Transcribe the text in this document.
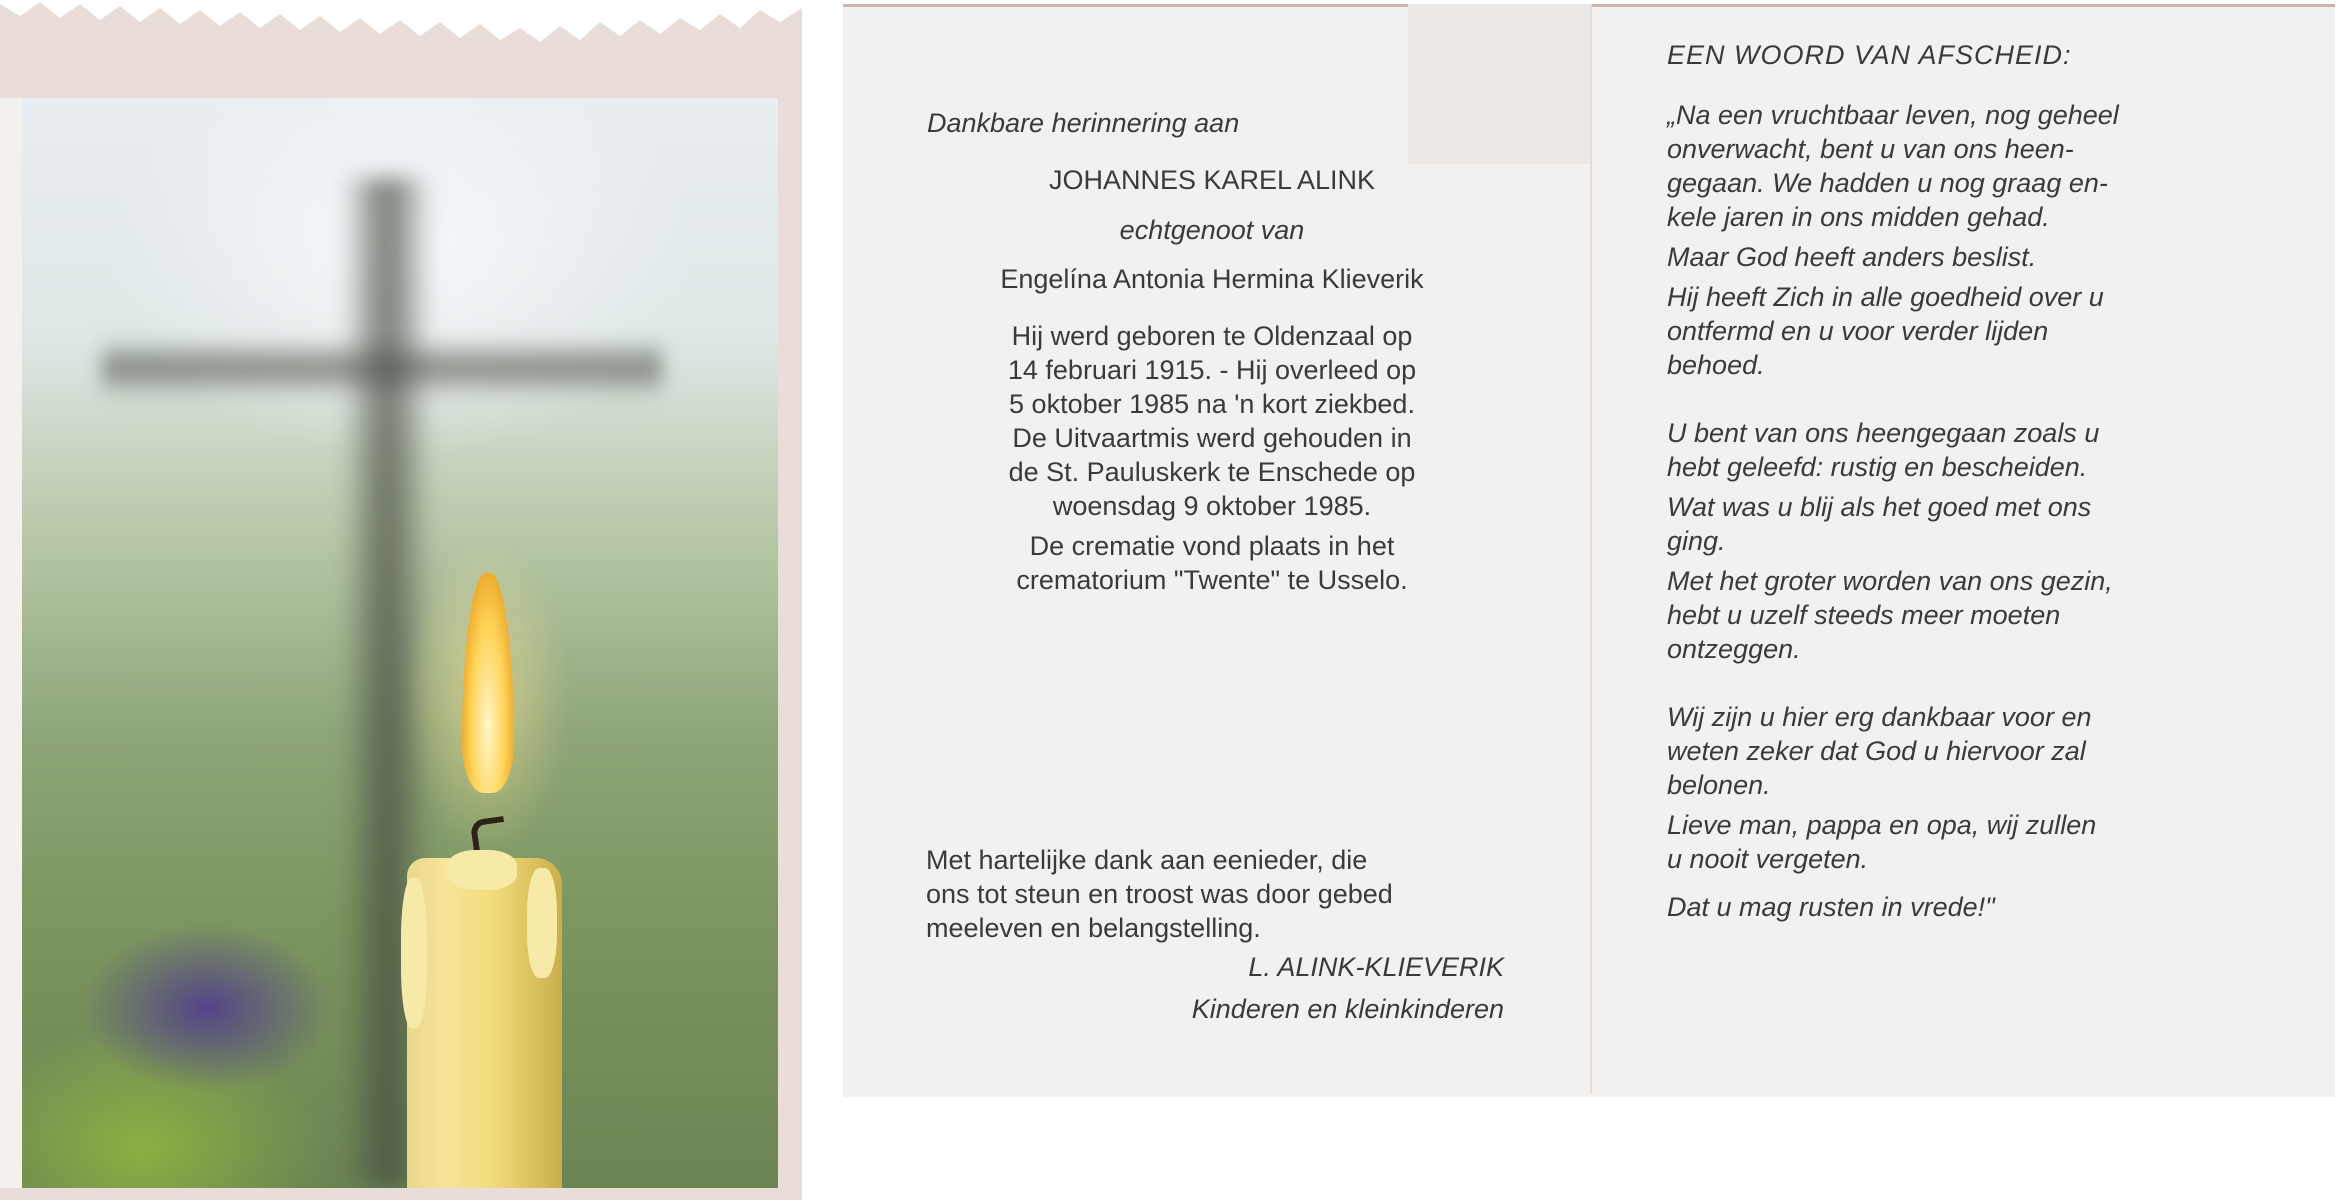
Dankbare herinnering aan
JOHANNES KAREL ALINK
echtgenoot van
Engelína Antonia Hermina Klieverik
Hij werd geboren te Oldenzaal op
14 februari 1915. - Hij overleed op
5 oktober 1985 na 'n kort ziekbed.
De Uitvaartmis werd gehouden in
de St. Pauluskerk te Enschede op
woensdag 9 oktober 1985.
De crematie vond plaats in het
crematorium "Twente" te Usselo.
Met hartelijke dank aan eenieder, die
ons tot steun en troost was door gebed
meeleven en belangstelling.
L. ALINK-KLIEVERIK
Kinderen en kleinkinderen
EEN WOORD VAN AFSCHEID:
„Na een vruchtbaar leven, nog geheel
onverwacht, bent u van ons heen-
gegaan. We hadden u nog graag en-
kele jaren in ons midden gehad.
Maar God heeft anders beslist.
Hij heeft Zich in alle goedheid over u
ontfermd en u voor verder lijden
behoed.
U bent van ons heengegaan zoals u
hebt geleefd: rustig en bescheiden.
Wat was u blij als het goed met ons
ging.
Met het groter worden van ons gezin,
hebt u uzelf steeds meer moeten
ontzeggen.
Wij zijn u hier erg dankbaar voor en
weten zeker dat God u hiervoor zal
belonen.
Lieve man, pappa en opa, wij zullen
u nooit vergeten.
Dat u mag rusten in vrede!"
